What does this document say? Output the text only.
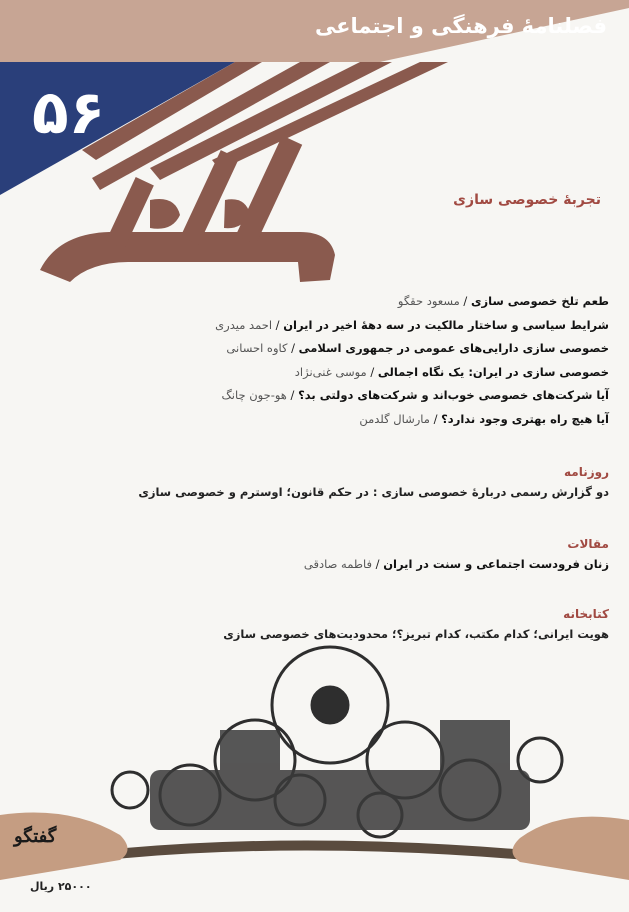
فصلنامهٔ فرهنگی و اجتماعی
۵۶
تجربهٔ خصوصی سازی
طعم تلخ خصوصی سازی / مسعود حقگو
شرایط سیاسی و ساختار مالکیت در سه دههٔ اخیر در ایران / احمد میدری
خصوصی سازی دارایی‌های عمومی در جمهوری اسلامی / کاوه احسانی
خصوصی سازی در ایران: یک نگاه اجمالی / موسی غنی‌نژاد
آیا شرکت‌های خصوصی خوب‌اند و شرکت‌های دولتی بد؟ / هو-جون چانگ
آیا هیچ راه بهتری وجود ندارد؟ / مارشال گلدمن
روزنامه
دو گزارش رسمی دربارهٔ خصوصی سازی : در حکم قانون؛ اوسترم و خصوصی سازی
مقالات
زنان فرودست اجتماعی و سنت در ایران / فاطمه صادقی
کتابخانه
هویت ایرانی؛ کدام مکتب، کدام تبریز؟؛ محدودیت‌های خصوصی سازی
گفتگو
۲۵۰۰۰ ریال
